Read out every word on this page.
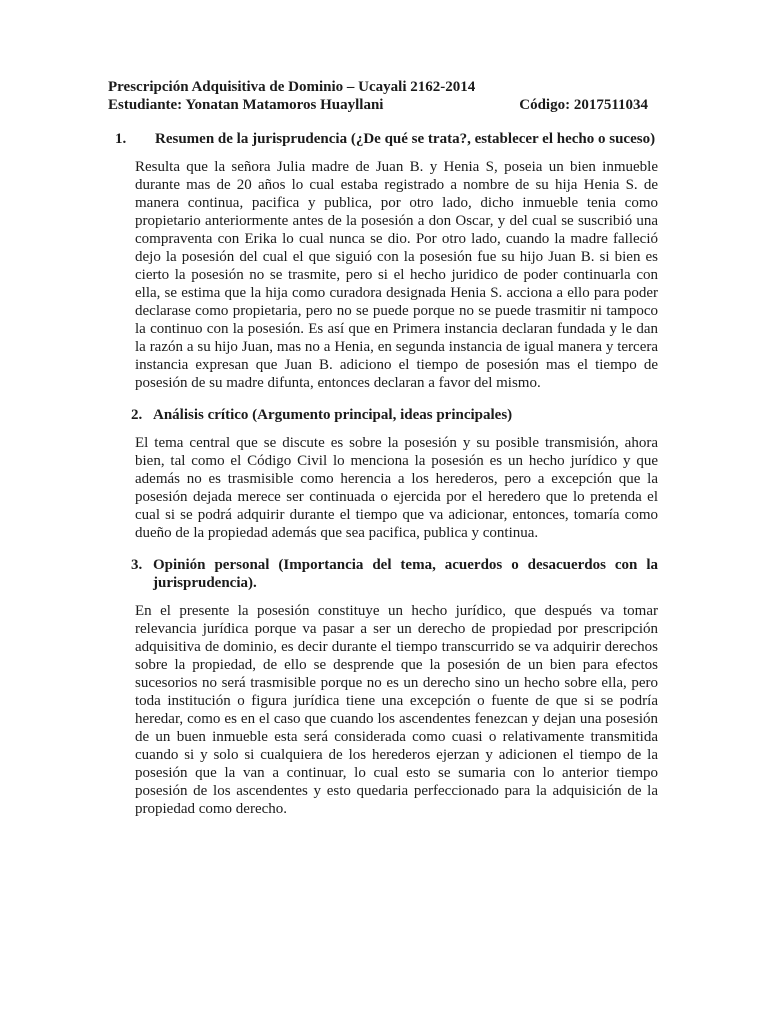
Prescripción Adquisitiva de Dominio – Ucayali 2162-2014
Estudiante: Yonatan Matamoros Huayllani	Código: 2017511034
1. Resumen de la jurisprudencia (¿De qué se trata?, establecer el hecho o suceso)

Resulta que la señora Julia madre de Juan B. y Henia S, poseia un bien inmueble durante mas de 20 años lo cual estaba registrado a nombre de su hija Henia S. de manera continua, pacifica y publica, por otro lado, dicho inmueble tenia como propietario anteriormente antes de la posesión a don Oscar, y del cual se suscribió una compraventa con Erika lo cual nunca se dio. Por otro lado, cuando la madre falleció dejo la posesión del cual el que siguió con la posesión fue su hijo Juan B. si bien es cierto la posesión no se trasmite, pero si el hecho juridico de poder continuarla con ella, se estima que la hija como curadora designada Henia S. acciona a ello para poder declarase como propietaria, pero no se puede porque no se puede trasmitir ni tampoco la continuo con la posesión. Es así que en Primera instancia declaran fundada y le dan la razón a su hijo Juan, mas no a Henia, en segunda instancia de igual manera y tercera instancia expresan que Juan B. adiciono el tiempo de posesión mas el tiempo de posesión de su madre difunta, entonces declaran a favor del mismo.

2. Análisis crítico (Argumento principal, ideas principales)

El tema central que se discute es sobre la posesión y su posible transmisión, ahora bien, tal como el Código Civil lo menciona la posesión es un hecho jurídico y que además no es trasmisible como herencia a los herederos, pero a excepción que la posesión dejada merece ser continuada o ejercida por el heredero que lo pretenda el cual si se podrá adquirir durante el tiempo que va adicionar, entonces, tomaría como dueño de la propiedad además que sea pacifica, publica y continua.

3. Opinión personal (Importancia del tema, acuerdos o desacuerdos con la jurisprudencia).

En el presente la posesión constituye un hecho jurídico, que después va tomar relevancia jurídica porque va pasar a ser un derecho de propiedad por prescripción adquisitiva de dominio, es decir durante el tiempo transcurrido se va adquirir derechos sobre la propiedad, de ello se desprende que la posesión de un bien para efectos sucesorios no será trasmisible porque no es un derecho sino un hecho sobre ella, pero toda institución o figura jurídica tiene una excepción o fuente de que si se podría heredar, como es en el caso que cuando los ascendentes fenezcan y dejan una posesión de un buen inmueble esta será considerada como cuasi o relativamente transmitida cuando si y solo si cualquiera de los herederos ejerzan y adicionen el tiempo de la posesión que la van a continuar, lo cual esto se sumaria con lo anterior tiempo posesión de los ascendentes y esto quedaria perfeccionado para la adquisición de la propiedad como derecho.
